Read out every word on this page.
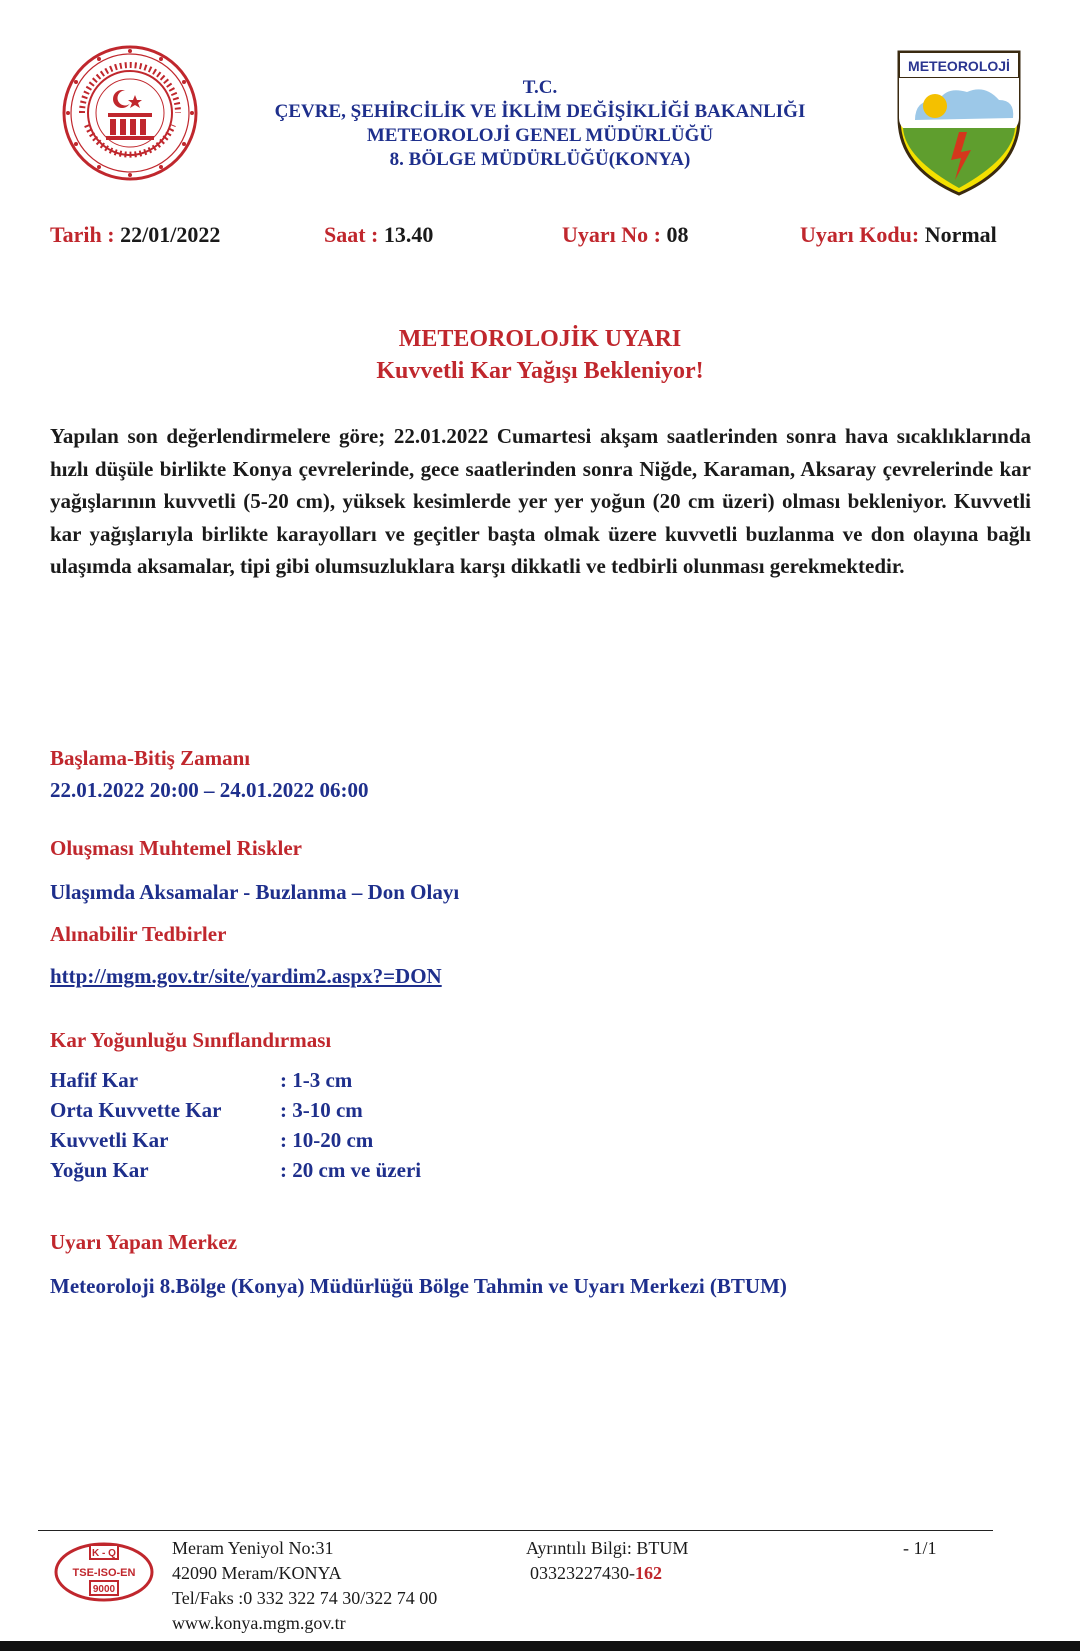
METEOROLOJİ
T.C.
ÇEVRE, ŞEHİRCİLİK VE İKLİM DEĞİŞİKLİĞİ BAKANLIĞI
METEOROLOJİ GENEL MÜDÜRLÜĞÜ
8. BÖLGE MÜDÜRLÜĞÜ(KONYA)
Tarih : 22/01/2022	Saat : 13.40	Uyarı No : 08	Uyarı Kodu: Normal
METEOROLOJİK UYARI
Kuvvetli Kar Yağışı Bekleniyor!
Yapılan son değerlendirmelere göre; 22.01.2022 Cumartesi akşam saatlerinden sonra hava sıcaklıklarında hızlı düşüle birlikte Konya çevrelerinde, gece saatlerinden sonra Niğde, Karaman, Aksaray çevrelerinde kar yağışlarının kuvvetli (5-20 cm), yüksek kesimlerde yer yer yoğun (20 cm üzeri) olması bekleniyor. Kuvvetli kar yağışlarıyla birlikte karayolları ve geçitler başta olmak üzere kuvvetli buzlanma ve don olayına bağlı ulaşımda aksamalar, tipi gibi olumsuzluklara karşı dikkatli ve tedbirli olunması gerekmektedir.
Başlama-Bitiş Zamanı
22.01.2022 20:00 – 24.01.2022 06:00
Oluşması Muhtemel Riskler
Ulaşımda Aksamalar - Buzlanma – Don Olayı
Alınabilir Tedbirler
http://mgm.gov.tr/site/yardim2.aspx?=DON
Kar Yoğunluğu Sınıflandırması
Hafif Kar	: 1-3 cm
Orta Kuvvette Kar	: 3-10 cm
Kuvvetli Kar	: 10-20 cm
Yoğun Kar	: 20 cm ve üzeri
Uyarı Yapan Merkez
Meteoroloji 8.Bölge (Konya) Müdürlüğü Bölge Tahmin ve Uyarı Merkezi (BTUM)
K - Q
TSE-ISO-EN
9000
Meram Yeniyol No:31
42090 Meram/KONYA
Tel/Faks :0 332 322 74 30/322 74 00
www.konya.mgm.gov.tr
Ayrıntılı Bilgi: BTUM
03323227430-162
- 1/1
